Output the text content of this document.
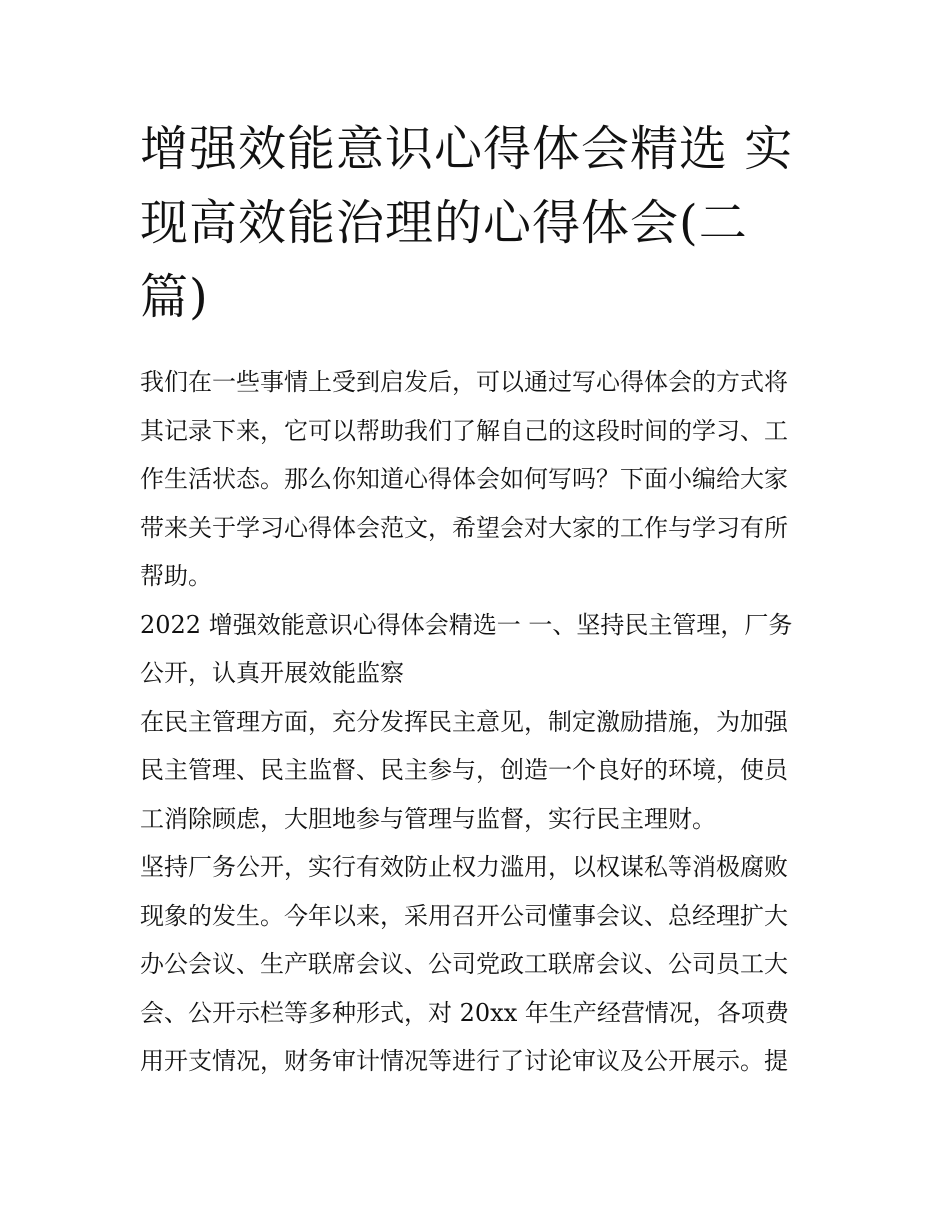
增强效能意识心得体会精选 实
现高效能治理的心得体会(二
篇)

我们在一些事情上受到启发后，可以通过写心得体会的方式将
其记录下来，它可以帮助我们了解自己的这段时间的学习、工
作生活状态。那么你知道心得体会如何写吗？下面小编给大家
带来关于学习心得体会范文，希望会对大家的工作与学习有所
帮助。

2022 增强效能意识心得体会精选一 一、坚持民主管理，厂务
公开，认真开展效能监察

在民主管理方面，充分发挥民主意见，制定激励措施，为加强
民主管理、民主监督、民主参与，创造一个良好的环境，使员
工消除顾虑，大胆地参与管理与监督，实行民主理财。

坚持厂务公开，实行有效防止权力滥用，以权谋私等消极腐败
现象的发生。今年以来，采用召开公司懂事会议、总经理扩大
办公会议、生产联席会议、公司党政工联席会议、公司员工大
会、公开示栏等多种形式，对 20xx 年生产经营情况，各项费
用开支情况，财务审计情况等进行了讨论审议及公开展示。提
